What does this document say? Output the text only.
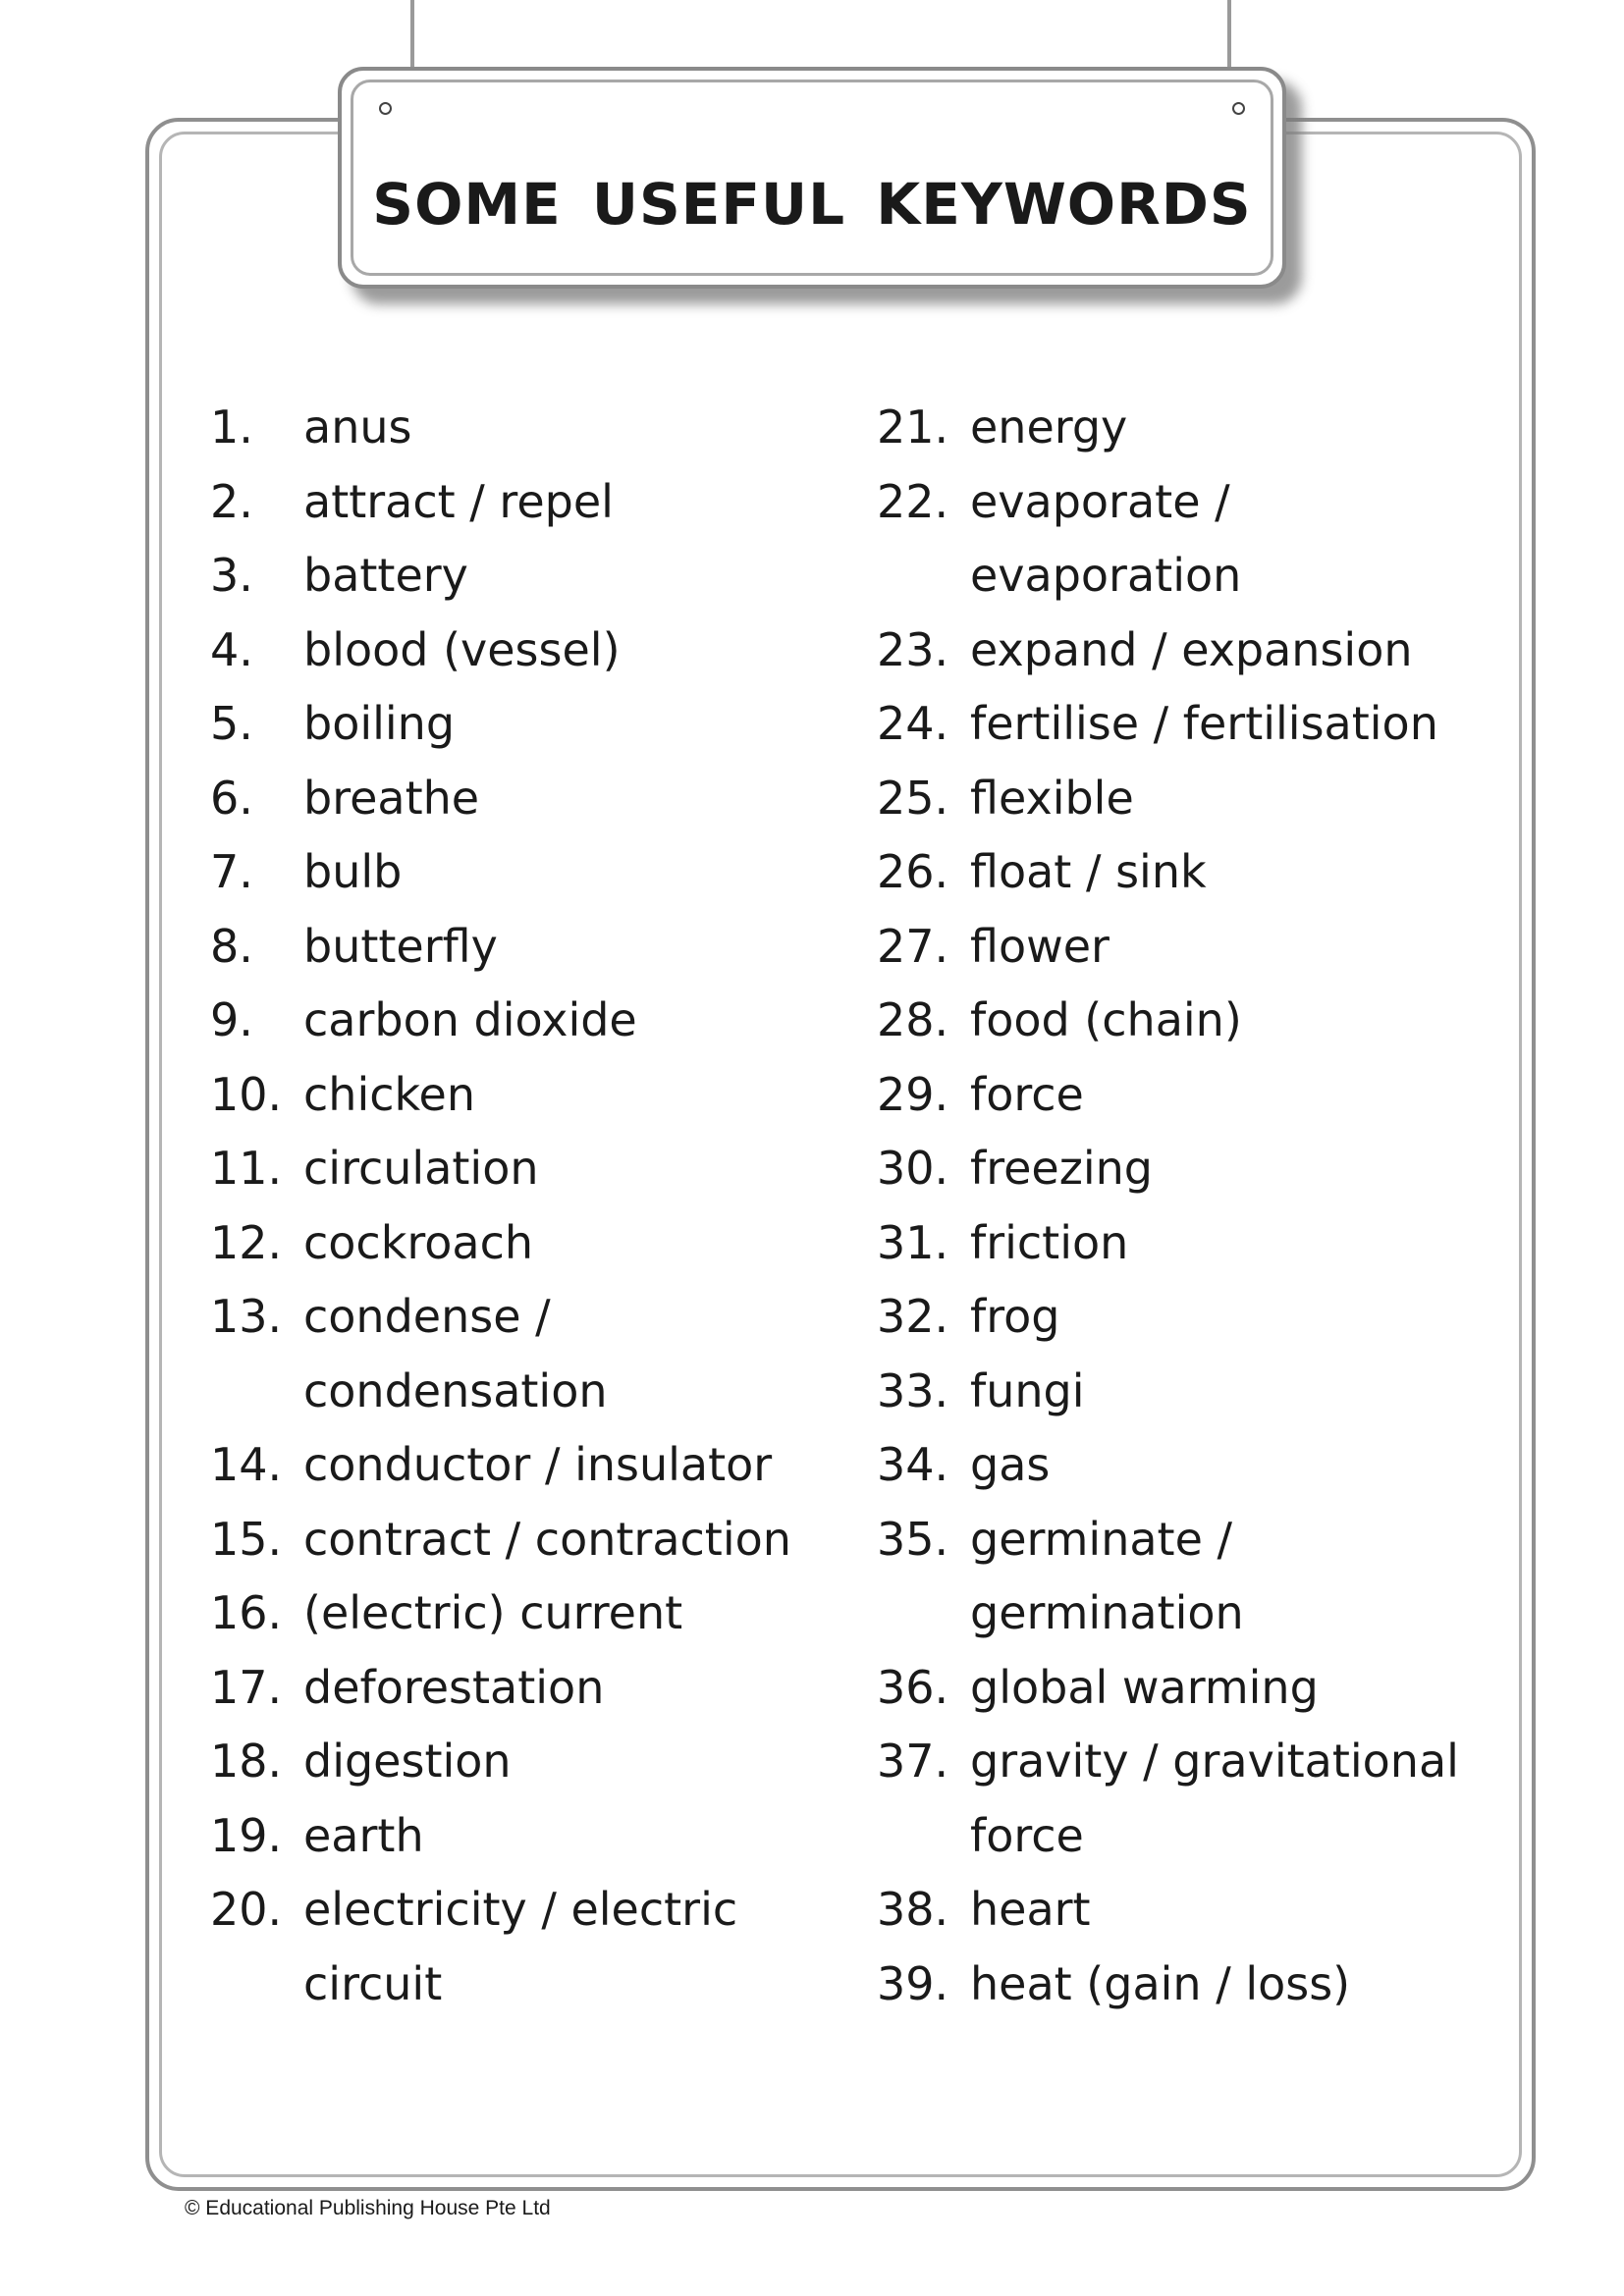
SOME USEFUL KEYWORDS
1.	anus
2.	attract / repel
3.	battery
4.	blood (vessel)
5.	boiling
6.	breathe
7.	bulb
8.	butterfly
9.	carbon dioxide
10. chicken
11. circulation
12. cockroach
13. condense / condensation
14. conductor / insulator
15. contract / contraction
16. (electric) current
17. deforestation
18. digestion
19. earth
20. electricity / electric circuit
21. energy
22. evaporate / evaporation
23. expand / expansion
24. fertilise / fertilisation
25. flexible
26. float / sink
27. flower
28. food (chain)
29. force
30. freezing
31. friction
32. frog
33. fungi
34. gas
35. germinate / germination
36. global warming
37. gravity / gravitational force
38. heart
39. heat (gain / loss)
© Educational Publishing House Pte Ltd
